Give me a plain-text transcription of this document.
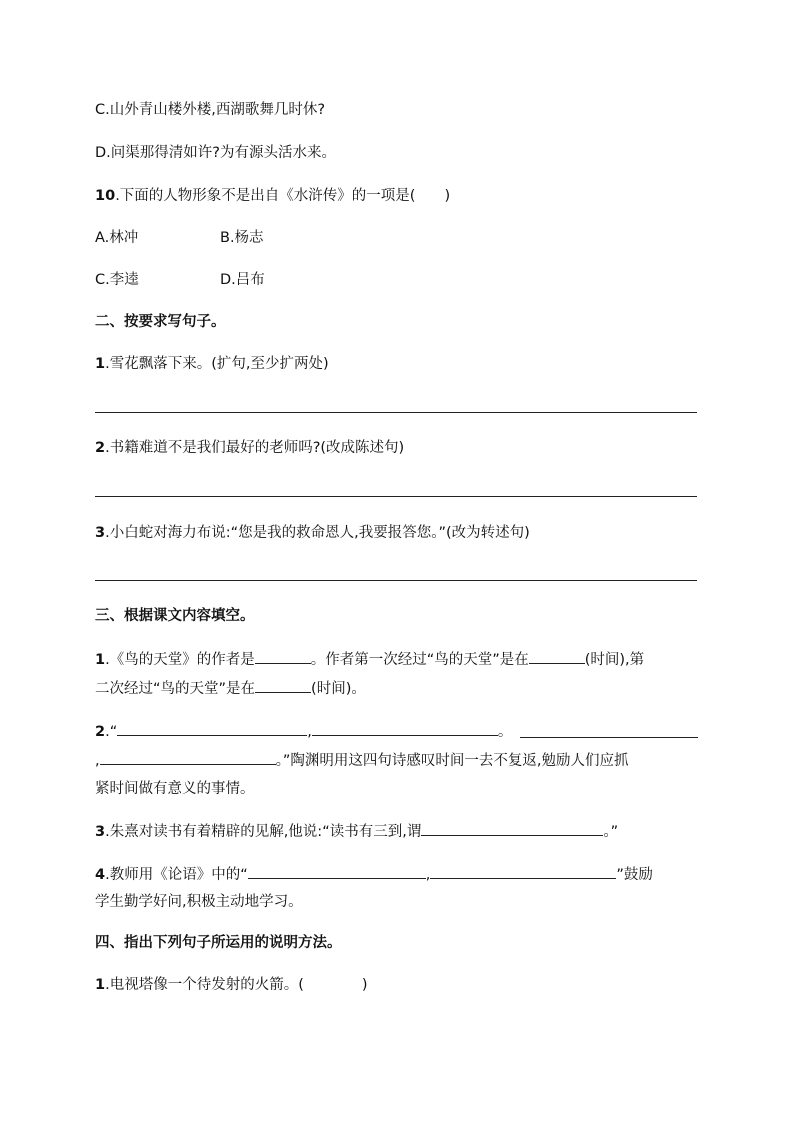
C.山外青山楼外楼,西湖歌舞几时休?
D.问渠那得清如许?为有源头活水来。
10.下面的人物形象不是出自《水浒传》的一项是(　　)
A.林冲	B.杨志
C.李逵	D.吕布
二、按要求写句子。
1.雪花飘落下来。(扩句,至少扩两处)
2.书籍难道不是我们最好的老师吗?(改成陈述句)
3.小白蛇对海力布说:“您是我的救命恩人,我要报答您。”(改为转述句)
三、根据课文内容填空。
1.《鸟的天堂》的作者是	。作者第一次经过“鸟的天堂”是在	(时间),第
二次经过“鸟的天堂”是在	(时间)。
2.“	,	。
,	。”陶渊明用这四句诗感叹时间一去不复返,勉励人们应抓
紧时间做有意义的事情。
3.朱熹对读书有着精辟的见解,他说:“读书有三到,谓	。”
4.教师用《论语》中的“	,	”鼓励
学生勤学好问,积极主动地学习。
四、指出下列句子所运用的说明方法。
1.电视塔像一个待发射的火箭。(　　　　)
